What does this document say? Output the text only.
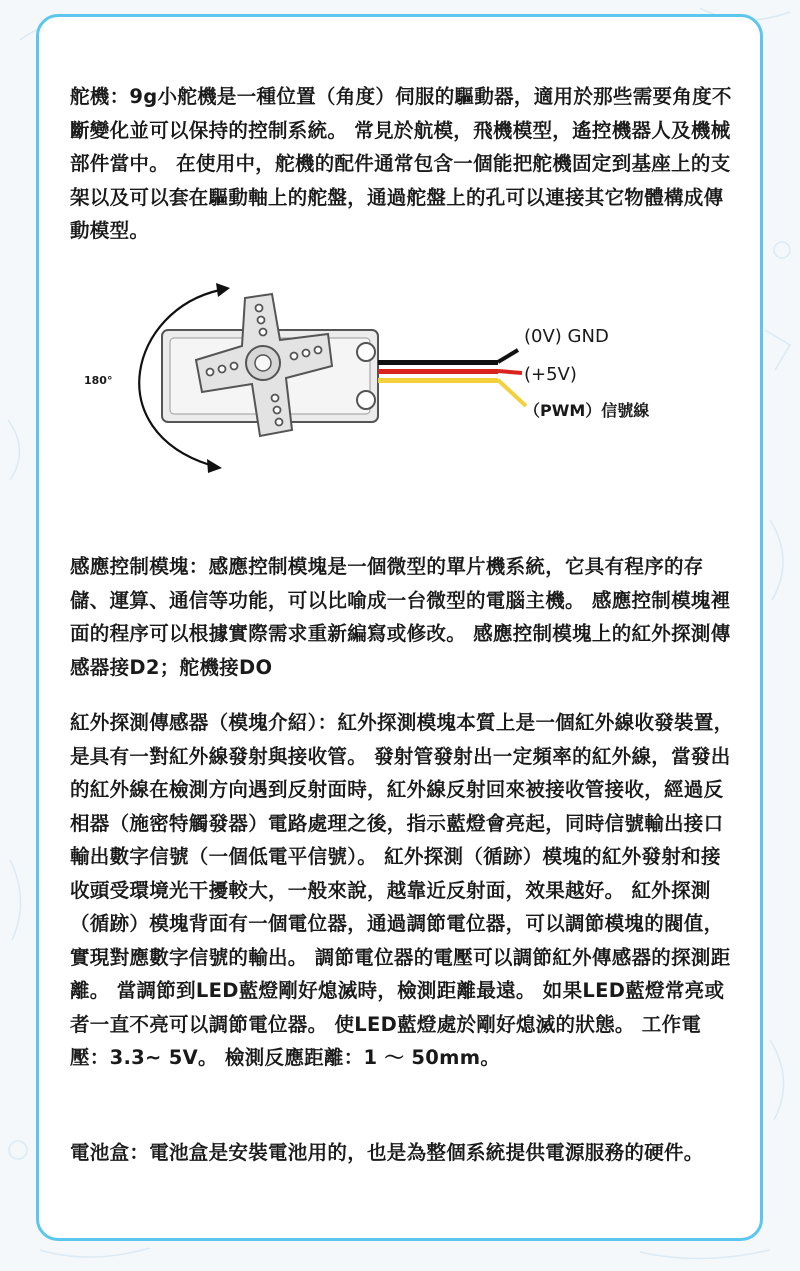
舵機：9g小舵機是一種位置（角度）伺服的驅動器，適用於那些需要角度不斷變化並可以保持的控制系統。 常見於航模，飛機模型，遙控機器人及機械部件當中。 在使用中，舵機的配件通常包含一個能把舵機固定到基座上的支架以及可以套在驅動軸上的舵盤，通過舵盤上的孔可以連接其它物體構成傳動模型。

180°
(0V) GND
(+5V)
（PWM）信號線

感應控制模塊：感應控制模塊是一個微型的單片機系統，它具有程序的存儲、運算、通信等功能，可以比喻成一台微型的電腦主機。 感應控制模塊裡面的程序可以根據實際需求重新編寫或修改。 感應控制模塊上的紅外探測傳感器接D2；舵機接DO

紅外探測傳感器（模塊介紹）：紅外探測模塊本質上是一個紅外線收發裝置，是具有一對紅外線發射與接收管。 發射管發射出一定頻率的紅外線，當發出的紅外線在檢測方向遇到反射面時，紅外線反射回來被接收管接收，經過反相器（施密特觸發器）電路處理之後，指示藍燈會亮起，同時信號輸出接口輸出數字信號（一個低電平信號）。 紅外探測（循跡）模塊的紅外發射和接收頭受環境光干擾較大，一般來說，越靠近反射面，效果越好。 紅外探測（循跡）模塊背面有一個電位器，通過調節電位器，可以調節模塊的閥值，實現對應數字信號的輸出。 調節電位器的電壓可以調節紅外傳感器的探測距離。 當調節到LED藍燈剛好熄滅時，檢測距離最遠。 如果LED藍燈常亮或者一直不亮可以調節電位器。 使LED藍燈處於剛好熄滅的狀態。 工作電壓：3.3~ 5V。 檢測反應距離：1 ～ 50mm。

電池盒：電池盒是安裝電池用的，也是為整個系統提供電源服務的硬件。
